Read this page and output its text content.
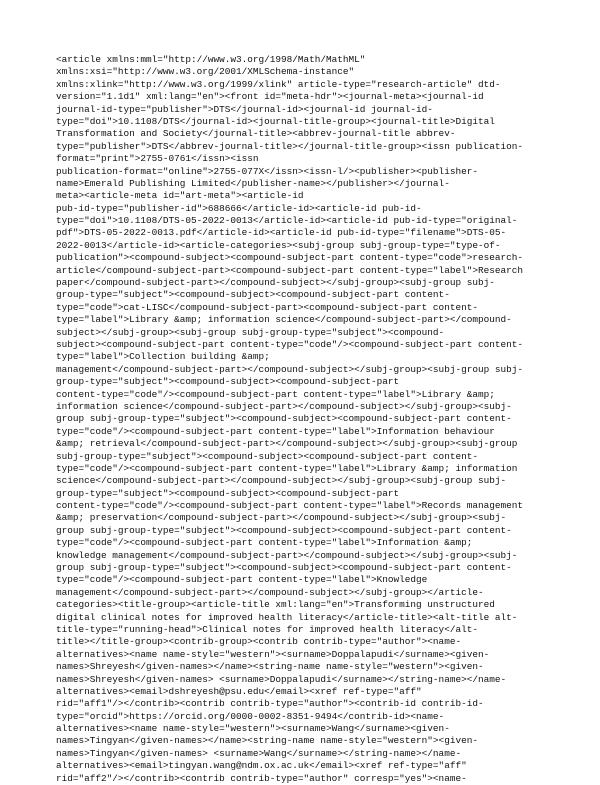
<article xmlns:mml="http://www.w3.org/1998/Math/MathML"
xmlns:xsi="http://www.w3.org/2001/XMLSchema-instance"
xmlns:xlink="http://www.w3.org/1999/xlink" article-type="research-article" dtd-
version="1.1d1" xml:lang="en"><front id="meta-hdr"><journal-meta><journal-id
journal-id-type="publisher">DTS</journal-id><journal-id journal-id-
type="doi">10.1108/DTS</journal-id><journal-title-group><journal-title>Digital
Transformation and Society</journal-title><abbrev-journal-title abbrev-
type="publisher">DTS</abbrev-journal-title></journal-title-group><issn publication-
format="print">2755-0761</issn><issn
publication-format="online">2755-077X</issn><issn-l/><publisher><publisher-
name>Emerald Publishing Limited</publisher-name></publisher></journal-
meta><article-meta id="art-meta"><article-id
pub-id-type="publisher-id">688666</article-id><article-id pub-id-
type="doi">10.1108/DTS-05-2022-0013</article-id><article-id pub-id-type="original-
pdf">DTS-05-2022-0013.pdf</article-id><article-id pub-id-type="filename">DTS-05-
2022-0013</article-id><article-categories><subj-group subj-group-type="type-of-
publication"><compound-subject><compound-subject-part content-type="code">research-
article</compound-subject-part><compound-subject-part content-type="label">Research
paper</compound-subject-part></compound-subject></subj-group><subj-group subj-
group-type="subject"><compound-subject><compound-subject-part content-
type="code">cat-LISC</compound-subject-part><compound-subject-part content-
type="label">Library &amp; information science</compound-subject-part></compound-
subject></subj-group><subj-group subj-group-type="subject"><compound-
subject><compound-subject-part content-type="code"/><compound-subject-part content-
type="label">Collection building &amp;
management</compound-subject-part></compound-subject></subj-group><subj-group subj-
group-type="subject"><compound-subject><compound-subject-part
content-type="code"/><compound-subject-part content-type="label">Library &amp;
information science</compound-subject-part></compound-subject></subj-group><subj-
group subj-group-type="subject"><compound-subject><compound-subject-part content-
type="code"/><compound-subject-part content-type="label">Information behaviour
&amp; retrieval</compound-subject-part></compound-subject></subj-group><subj-group
subj-group-type="subject"><compound-subject><compound-subject-part content-
type="code"/><compound-subject-part content-type="label">Library &amp; information
science</compound-subject-part></compound-subject></subj-group><subj-group subj-
group-type="subject"><compound-subject><compound-subject-part
content-type="code"/><compound-subject-part content-type="label">Records management
&amp; preservation</compound-subject-part></compound-subject></subj-group><subj-
group subj-group-type="subject"><compound-subject><compound-subject-part content-
type="code"/><compound-subject-part content-type="label">Information &amp;
knowledge management</compound-subject-part></compound-subject></subj-group><subj-
group subj-group-type="subject"><compound-subject><compound-subject-part content-
type="code"/><compound-subject-part content-type="label">Knowledge
management</compound-subject-part></compound-subject></subj-group></article-
categories><title-group><article-title xml:lang="en">Transforming unstructured
digital clinical notes for improved health literacy</article-title><alt-title alt-
title-type="running-head">Clinical notes for improved health literacy</alt-
title></title-group><contrib-group><contrib contrib-type="author"><name-
alternatives><name name-style="western"><surname>Doppalapudi</surname><given-
names>Shreyesh</given-names></name><string-name name-style="western"><given-
names>Shreyesh</given-names> <surname>Doppalapudi</surname></string-name></name-
alternatives><email>dshreyesh@psu.edu</email><xref ref-type="aff"
rid="aff1"/></contrib><contrib contrib-type="author"><contrib-id contrib-id-
type="orcid">https://orcid.org/0000-0002-8351-9494</contrib-id><name-
alternatives><name name-style="western"><surname>Wang</surname><given-
names>Tingyan</given-names></name><string-name name-style="western"><given-
names>Tingyan</given-names> <surname>Wang</surname></string-name></name-
alternatives><email>tingyan.wang@ndm.ox.ac.uk</email><xref ref-type="aff"
rid="aff2"/></contrib><contrib contrib-type="author" corresp="yes"><name-
